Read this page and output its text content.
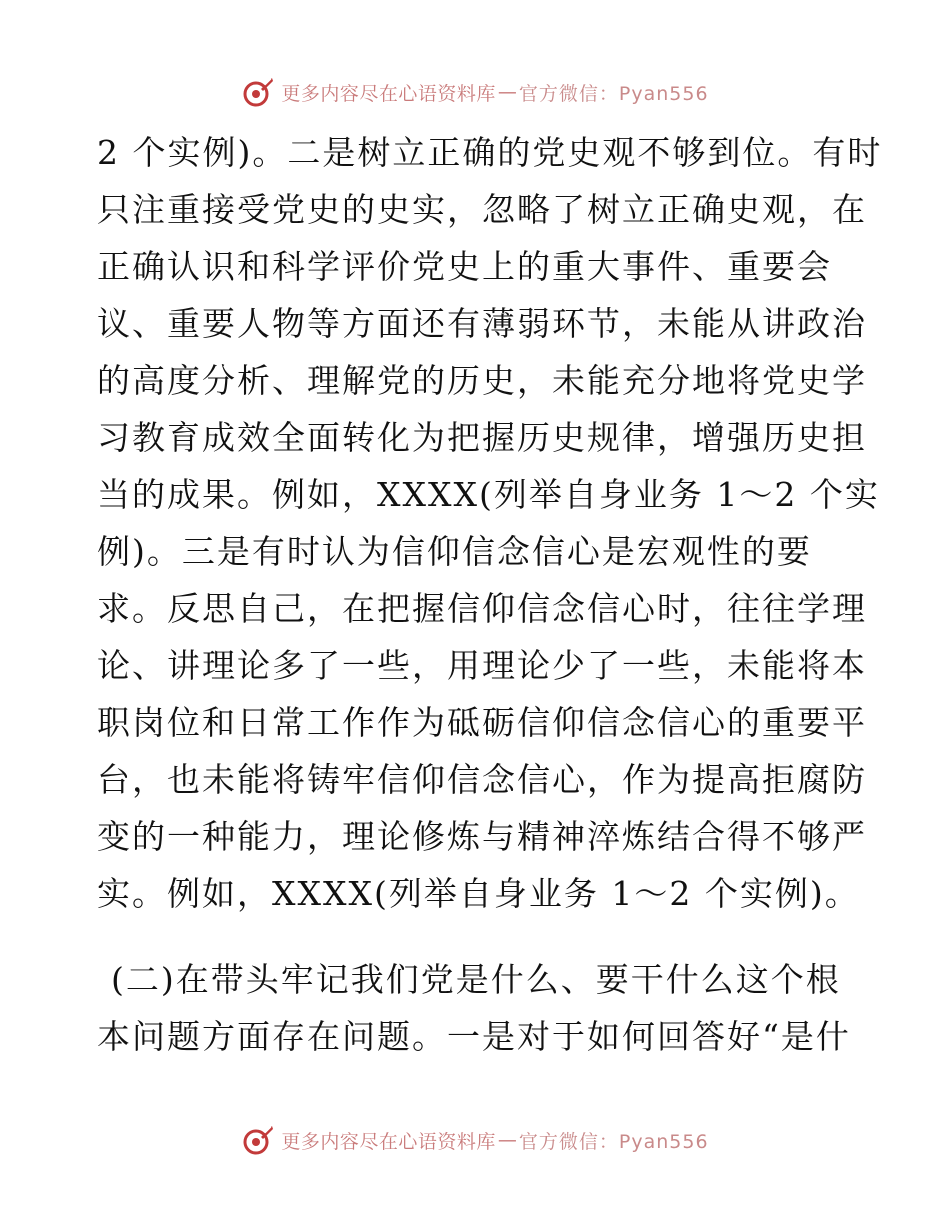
更多内容尽在心语资料库 — 官方微信：Pyan556
2 个实例)。二是树立正确的党史观不够到位。有时
只注重接受党史的史实，忽略了树立正确史观，在
正确认识和科学评价党史上的重大事件、重要会
议、重要人物等方面还有薄弱环节，未能从讲政治
的高度分析、理解党的历史，未能充分地将党史学
习教育成效全面转化为把握历史规律，增强历史担
当的成果。例如，XXXX(列举自身业务 1～2 个实
例)。三是有时认为信仰信念信心是宏观性的要
求。反思自己，在把握信仰信念信心时，往往学理
论、讲理论多了一些，用理论少了一些，未能将本
职岗位和日常工作作为砥砺信仰信念信心的重要平
台，也未能将铸牢信仰信念信心，作为提高拒腐防
变的一种能力，理论修炼与精神淬炼结合得不够严
实。例如，XXXX(列举自身业务 1～2 个实例)。
(二)在带头牢记我们党是什么、要干什么这个根
本问题方面存在问题。一是对于如何回答好“是什
更多内容尽在心语资料库 — 官方微信：Pyan556
